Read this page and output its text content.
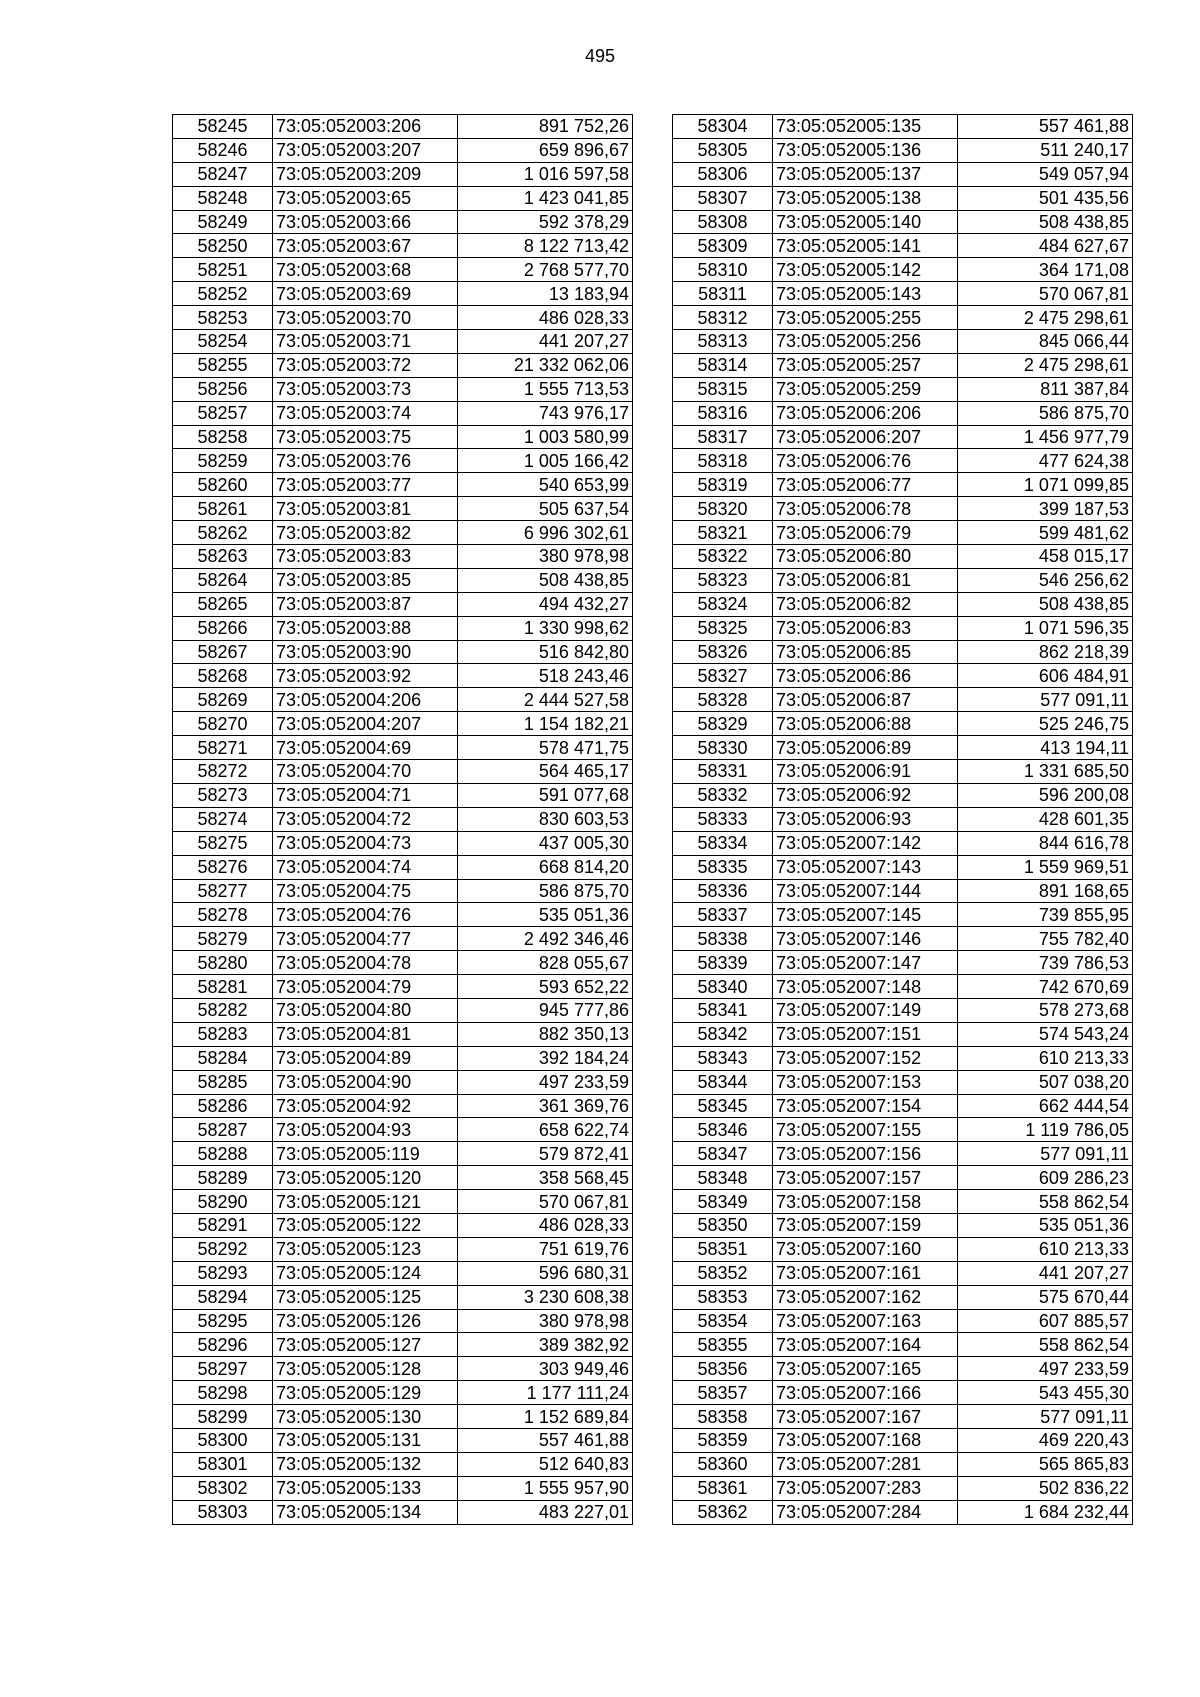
495
58245	73:05:052003:206	891 752,26
58246	73:05:052003:207	659 896,67
58247	73:05:052003:209	1 016 597,58
58248	73:05:052003:65	1 423 041,85
58249	73:05:052003:66	592 378,29
58250	73:05:052003:67	8 122 713,42
58251	73:05:052003:68	2 768 577,70
58252	73:05:052003:69	13 183,94
58253	73:05:052003:70	486 028,33
58254	73:05:052003:71	441 207,27
58255	73:05:052003:72	21 332 062,06
58256	73:05:052003:73	1 555 713,53
58257	73:05:052003:74	743 976,17
58258	73:05:052003:75	1 003 580,99
58259	73:05:052003:76	1 005 166,42
58260	73:05:052003:77	540 653,99
58261	73:05:052003:81	505 637,54
58262	73:05:052003:82	6 996 302,61
58263	73:05:052003:83	380 978,98
58264	73:05:052003:85	508 438,85
58265	73:05:052003:87	494 432,27
58266	73:05:052003:88	1 330 998,62
58267	73:05:052003:90	516 842,80
58268	73:05:052003:92	518 243,46
58269	73:05:052004:206	2 444 527,58
58270	73:05:052004:207	1 154 182,21
58271	73:05:052004:69	578 471,75
58272	73:05:052004:70	564 465,17
58273	73:05:052004:71	591 077,68
58274	73:05:052004:72	830 603,53
58275	73:05:052004:73	437 005,30
58276	73:05:052004:74	668 814,20
58277	73:05:052004:75	586 875,70
58278	73:05:052004:76	535 051,36
58279	73:05:052004:77	2 492 346,46
58280	73:05:052004:78	828 055,67
58281	73:05:052004:79	593 652,22
58282	73:05:052004:80	945 777,86
58283	73:05:052004:81	882 350,13
58284	73:05:052004:89	392 184,24
58285	73:05:052004:90	497 233,59
58286	73:05:052004:92	361 369,76
58287	73:05:052004:93	658 622,74
58288	73:05:052005:119	579 872,41
58289	73:05:052005:120	358 568,45
58290	73:05:052005:121	570 067,81
58291	73:05:052005:122	486 028,33
58292	73:05:052005:123	751 619,76
58293	73:05:052005:124	596 680,31
58294	73:05:052005:125	3 230 608,38
58295	73:05:052005:126	380 978,98
58296	73:05:052005:127	389 382,92
58297	73:05:052005:128	303 949,46
58298	73:05:052005:129	1 177 111,24
58299	73:05:052005:130	1 152 689,84
58300	73:05:052005:131	557 461,88
58301	73:05:052005:132	512 640,83
58302	73:05:052005:133	1 555 957,90
58303	73:05:052005:134	483 227,01
58304	73:05:052005:135	557 461,88
58305	73:05:052005:136	511 240,17
58306	73:05:052005:137	549 057,94
58307	73:05:052005:138	501 435,56
58308	73:05:052005:140	508 438,85
58309	73:05:052005:141	484 627,67
58310	73:05:052005:142	364 171,08
58311	73:05:052005:143	570 067,81
58312	73:05:052005:255	2 475 298,61
58313	73:05:052005:256	845 066,44
58314	73:05:052005:257	2 475 298,61
58315	73:05:052005:259	811 387,84
58316	73:05:052006:206	586 875,70
58317	73:05:052006:207	1 456 977,79
58318	73:05:052006:76	477 624,38
58319	73:05:052006:77	1 071 099,85
58320	73:05:052006:78	399 187,53
58321	73:05:052006:79	599 481,62
58322	73:05:052006:80	458 015,17
58323	73:05:052006:81	546 256,62
58324	73:05:052006:82	508 438,85
58325	73:05:052006:83	1 071 596,35
58326	73:05:052006:85	862 218,39
58327	73:05:052006:86	606 484,91
58328	73:05:052006:87	577 091,11
58329	73:05:052006:88	525 246,75
58330	73:05:052006:89	413 194,11
58331	73:05:052006:91	1 331 685,50
58332	73:05:052006:92	596 200,08
58333	73:05:052006:93	428 601,35
58334	73:05:052007:142	844 616,78
58335	73:05:052007:143	1 559 969,51
58336	73:05:052007:144	891 168,65
58337	73:05:052007:145	739 855,95
58338	73:05:052007:146	755 782,40
58339	73:05:052007:147	739 786,53
58340	73:05:052007:148	742 670,69
58341	73:05:052007:149	578 273,68
58342	73:05:052007:151	574 543,24
58343	73:05:052007:152	610 213,33
58344	73:05:052007:153	507 038,20
58345	73:05:052007:154	662 444,54
58346	73:05:052007:155	1 119 786,05
58347	73:05:052007:156	577 091,11
58348	73:05:052007:157	609 286,23
58349	73:05:052007:158	558 862,54
58350	73:05:052007:159	535 051,36
58351	73:05:052007:160	610 213,33
58352	73:05:052007:161	441 207,27
58353	73:05:052007:162	575 670,44
58354	73:05:052007:163	607 885,57
58355	73:05:052007:164	558 862,54
58356	73:05:052007:165	497 233,59
58357	73:05:052007:166	543 455,30
58358	73:05:052007:167	577 091,11
58359	73:05:052007:168	469 220,43
58360	73:05:052007:281	565 865,83
58361	73:05:052007:283	502 836,22
58362	73:05:052007:284	1 684 232,44
